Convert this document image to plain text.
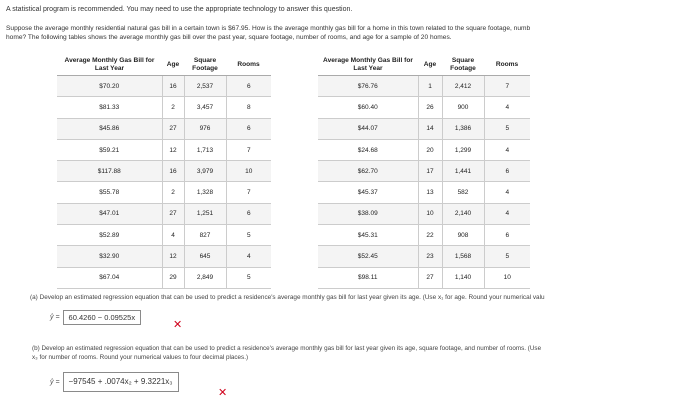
A statistical program is recommended. You may need to use the appropriate technology to answer this question.
Suppose the average monthly residential natural gas bill in a certain town is $67.95. How is the average monthly gas bill for a home in this town related to the square footage, numb
home? The following tables shows the average monthly gas bill over the past year, square footage, number of rooms, and age for a sample of 20 homes.
Average Monthly Gas Bill for Last Year	Age	Square Footage	Rooms
$70.20	16	2,537	6
$81.33	2	3,457	8
$45.86	27	976	6
$59.21	12	1,713	7
$117.88	16	3,979	10
$55.78	2	1,328	7
$47.01	27	1,251	6
$52.89	4	827	5
$32.90	12	645	4
$67.04	29	2,849	5
Average Monthly Gas Bill for Last Year	Age	Square Footage	Rooms
$76.76	1	2,412	7
$60.40	26	900	4
$44.07	14	1,386	5
$24.68	20	1,299	4
$62.70	17	1,441	6
$45.37	13	582	4
$38.09	10	2,140	4
$45.31	22	908	6
$52.45	23	1,568	5
$98.11	27	1,140	10
(a) Develop an estimated regression equation that can be used to predict a residence's average monthly gas bill for last year given its age. (Use x₁ for age. Round your numerical valu
ŷ =	60.4260 − 0.09525x
✕
(b) Develop an estimated regression equation that can be used to predict a residence's average monthly gas bill for last year given its age, square footage, and number of rooms. (Use
x₃ for number of rooms. Round your numerical values to four decimal places.)
ŷ =	−97545 + .0074x₂ + 9.3221x₃
✕
